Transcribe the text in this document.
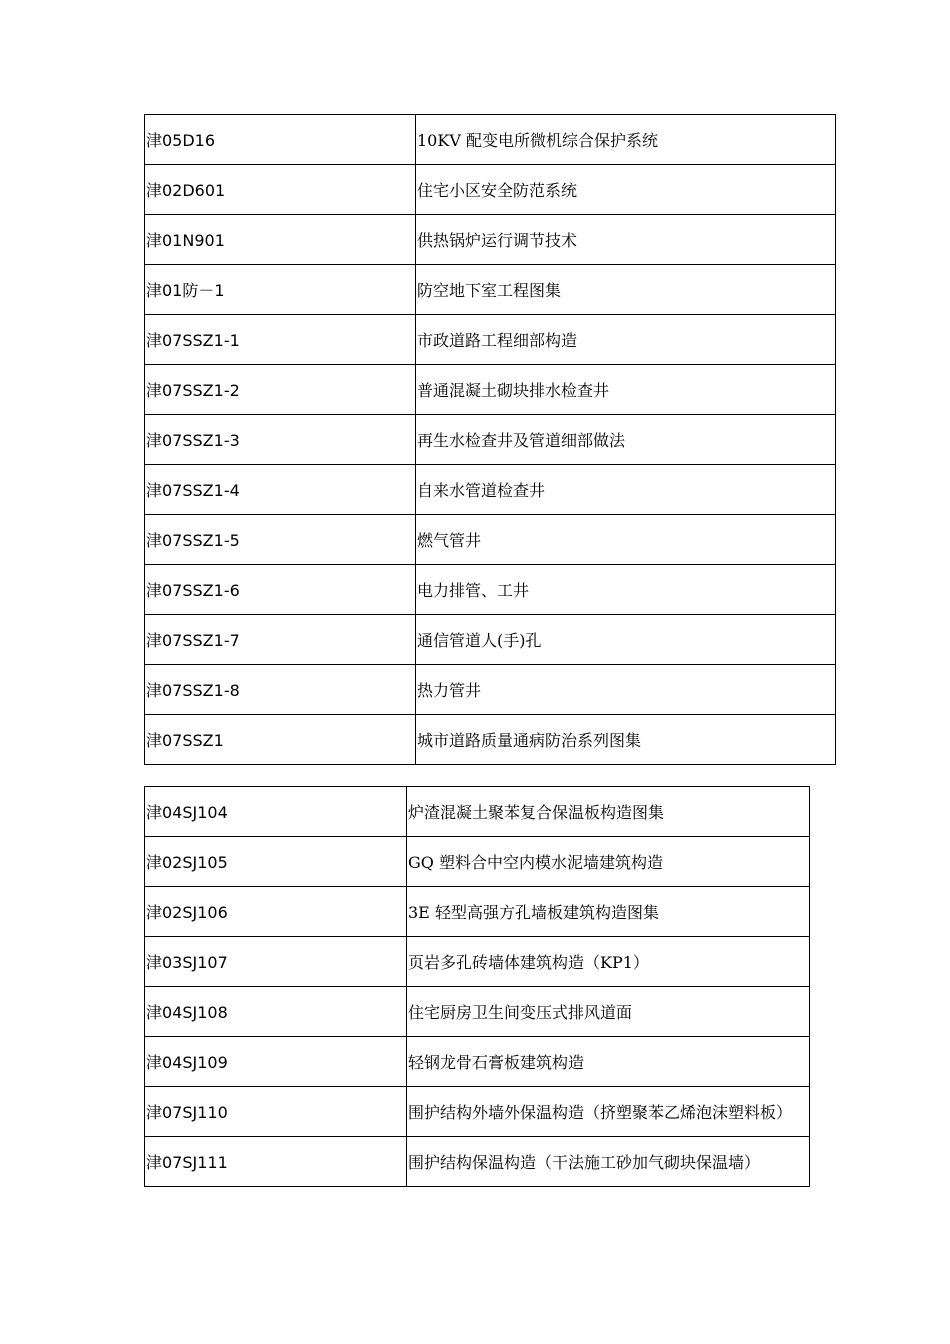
津05D16	10KV 配变电所微机综合保护系统
津02D601	住宅小区安全防范系统
津01N901	供热锅炉运行调节技术
津01防－1	防空地下室工程图集
津07SSZ1-1	市政道路工程细部构造
津07SSZ1-2	普通混凝土砌块排水检查井
津07SSZ1-3	再生水检查井及管道细部做法
津07SSZ1-4	自来水管道检查井
津07SSZ1-5	燃气管井
津07SSZ1-6	电力排管、工井
津07SSZ1-7	通信管道人(手)孔
津07SSZ1-8	热力管井
津07SSZ1	城市道路质量通病防治系列图集
津04SJ104	炉渣混凝土聚苯复合保温板构造图集
津02SJ105	GQ 塑料合中空内模水泥墙建筑构造
津02SJ106	3E 轻型高强方孔墙板建筑构造图集
津03SJ107	页岩多孔砖墙体建筑构造（KP1）
津04SJ108	住宅厨房卫生间变压式排风道面
津04SJ109	轻钢龙骨石膏板建筑构造
津07SJ110	围护结构外墙外保温构造（挤塑聚苯乙烯泡沫塑料板）
津07SJ111	围护结构保温构造（干法施工砂加气砌块保温墙）
